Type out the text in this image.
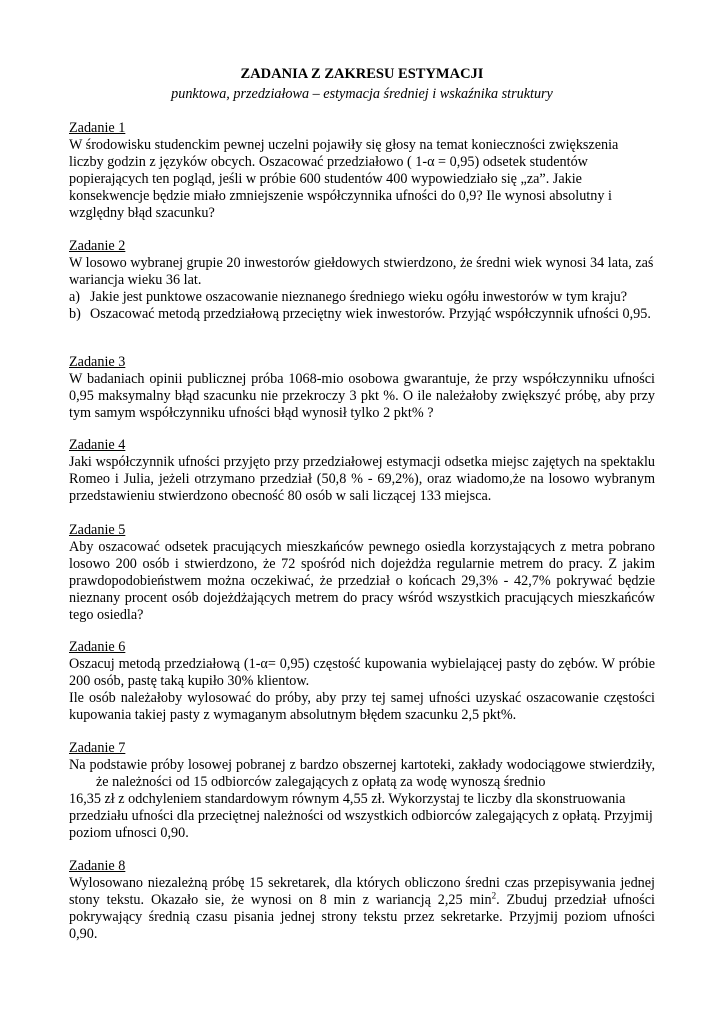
ZADANIA Z ZAKRESU ESTYMACJI
punktowa, przedziałowa – estymacja średniej i wskaźnika struktury
Zadanie 1

W środowisku studenckim pewnej uczelni pojawiły się głosy na temat konieczności zwiększenia liczby godzin z języków obcych. Oszacować przedziałowo ( 1-α = 0,95) odsetek studentów popierających ten pogląd, jeśli w próbie 600 studentów 400 wypowiedziało się „za”. Jakie konsekwencje będzie miało zmniejszenie współczynnika ufności do 0,9? Ile wynosi absolutny i względny błąd szacunku?

Zadanie 2

W losowo wybranej grupie 20 inwestorów giełdowych stwierdzono, że średni wiek wynosi 34 lata, zaś wariancja wieku 36 lat.

a) Jakie jest punktowe oszacowanie nieznanego średniego wieku ogółu inwestorów w tym kraju?
b) Oszacować metodą przedziałową przeciętny wiek inwestorów. Przyjąć współczynnik ufności 0,95.
Zadanie 3

W badaniach opinii publicznej próba 1068-mio osobowa gwarantuje, że przy współczynniku ufności 0,95 maksymalny błąd szacunku nie przekroczy 3 pkt %. O ile należałoby zwiększyć próbę, aby przy tym samym współczynniku ufności błąd wynosił tylko 2 pkt% ?

Zadanie 4

Jaki współczynnik ufności przyjęto przy przedziałowej estymacji odsetka miejsc zajętych na spektaklu Romeo i Julia, jeżeli otrzymano przedział (50,8 % - 69,2%), oraz wiadomo,że na losowo wybranym przedstawieniu stwierdzono obecność 80 osób w sali liczącej 133 miejsca.

Zadanie 5

Aby oszacować odsetek pracujących mieszkańców pewnego osiedla korzystających z metra pobrano losowo 200 osób i stwierdzono, że 72 spośród nich dojeżdża regularnie metrem do pracy. Z jakim prawdopodobieństwem można oczekiwać, że przedział o końcach 29,3% - 42,7% pokrywać będzie nieznany procent osób dojeżdżających metrem do pracy wśród wszystkich pracujących mieszkańców tego osiedla?

Zadanie 6

Oszacuj metodą przedziałową (1-α= 0,95) częstość kupowania wybielającej pasty do zębów. W próbie 200 osób, pastę taką kupiło 30% klientow.

Ile osób należałoby wylosować do próby, aby przy tej samej ufności uzyskać oszacowanie częstości kupowania takiej pasty z wymaganym absolutnym błędem szacunku 2,5 pkt%.

Zadanie 7

Na podstawie próby losowej pobranej z bardzo obszernej kartoteki, zakłady wodociągowe stwierdziły, że należności od 15 odbiorców zalegających z opłatą za wodę wynoszą średnio

16,35 zł z odchyleniem standardowym równym 4,55 zł. Wykorzystaj te liczby dla skonstruowania przedziału ufności dla przeciętnej należności od wszystkich odbiorców zalegających z opłatą. Przyjmij poziom ufnosci 0,90.

Zadanie 8

Wylosowano niezależną próbę 15 sekretarek, dla których obliczono średni czas przepisywania jednej stony tekstu. Okazało sie, że wynosi on 8 min z wariancją 2,25 $\min^2$. Zbuduj przedział ufności pokrywający średnią czasu pisania jednej strony tekstu przez sekretarke. Przyjmij poziom ufności 0,90.
